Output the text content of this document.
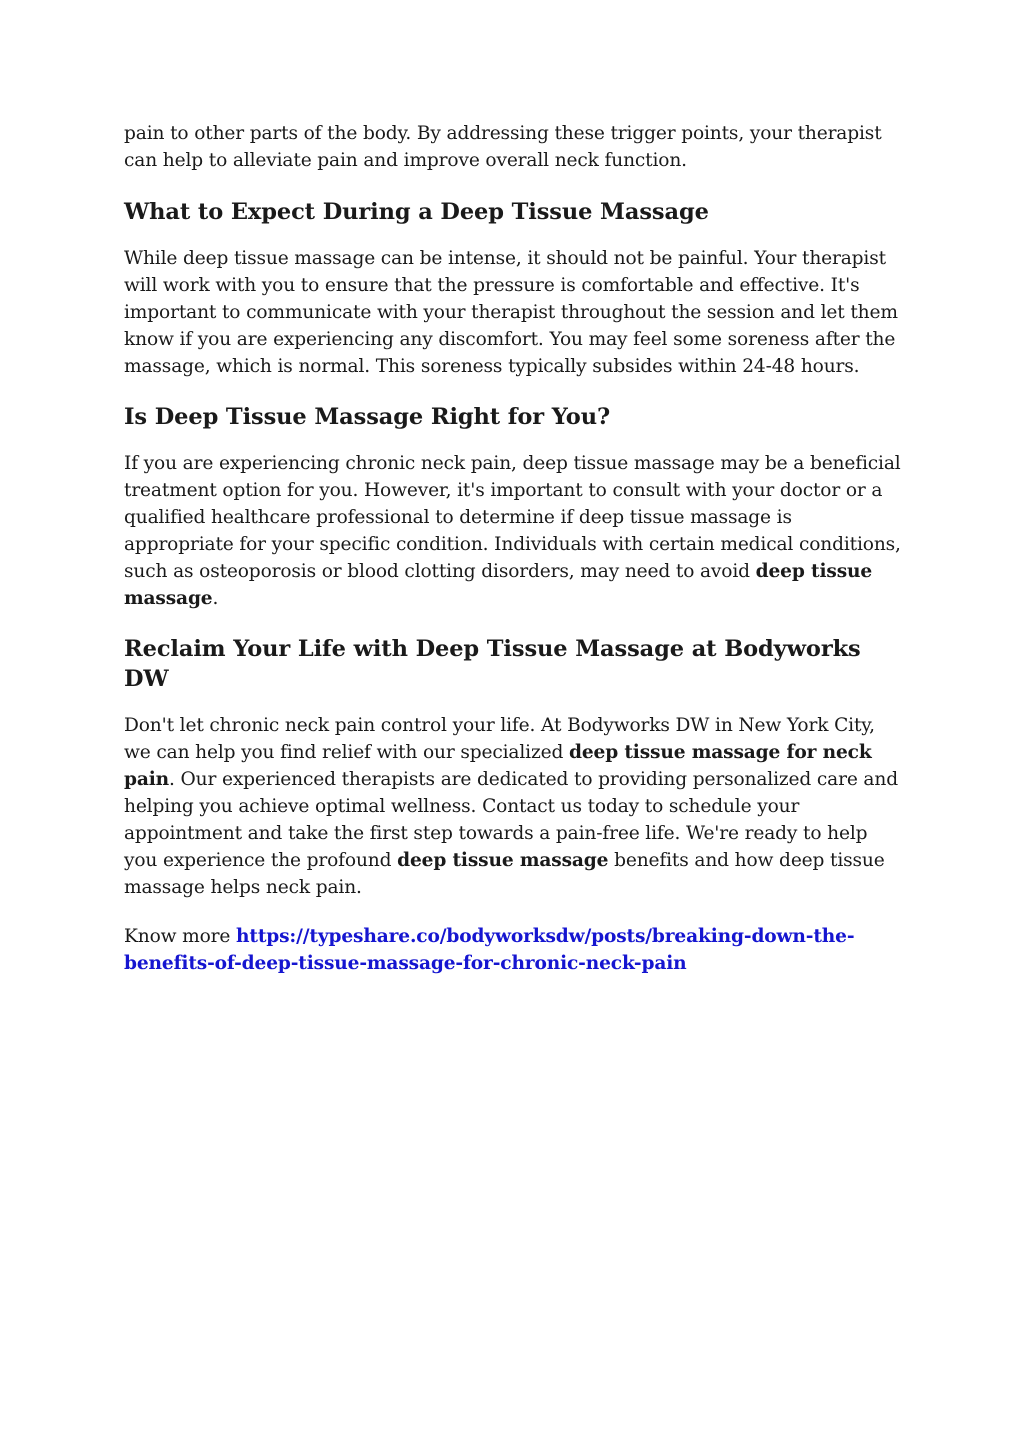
pain to other parts of the body. By addressing these trigger points, your therapist can help to alleviate pain and improve overall neck function.

What to Expect During a Deep Tissue Massage

While deep tissue massage can be intense, it should not be painful. Your therapist will work with you to ensure that the pressure is comfortable and effective. It's important to communicate with your therapist throughout the session and let them know if you are experiencing any discomfort. You may feel some soreness after the massage, which is normal. This soreness typically subsides within 24-48 hours.

Is Deep Tissue Massage Right for You?

If you are experiencing chronic neck pain, deep tissue massage may be a beneficial treatment option for you. However, it's important to consult with your doctor or a qualified healthcare professional to determine if deep tissue massage is appropriate for your specific condition. Individuals with certain medical conditions, such as osteoporosis or blood clotting disorders, may need to avoid deep tissue massage.

Reclaim Your Life with Deep Tissue Massage at Bodyworks DW

Don't let chronic neck pain control your life. At Bodyworks DW in New York City, we can help you find relief with our specialized deep tissue massage for neck pain. Our experienced therapists are dedicated to providing personalized care and helping you achieve optimal wellness. Contact us today to schedule your appointment and take the first step towards a pain-free life. We're ready to help you experience the profound deep tissue massage benefits and how deep tissue massage helps neck pain.

Know more https://typeshare.co/bodyworksdw/posts/breaking-down-the-benefits-of-deep-tissue-massage-for-chronic-neck-pain
